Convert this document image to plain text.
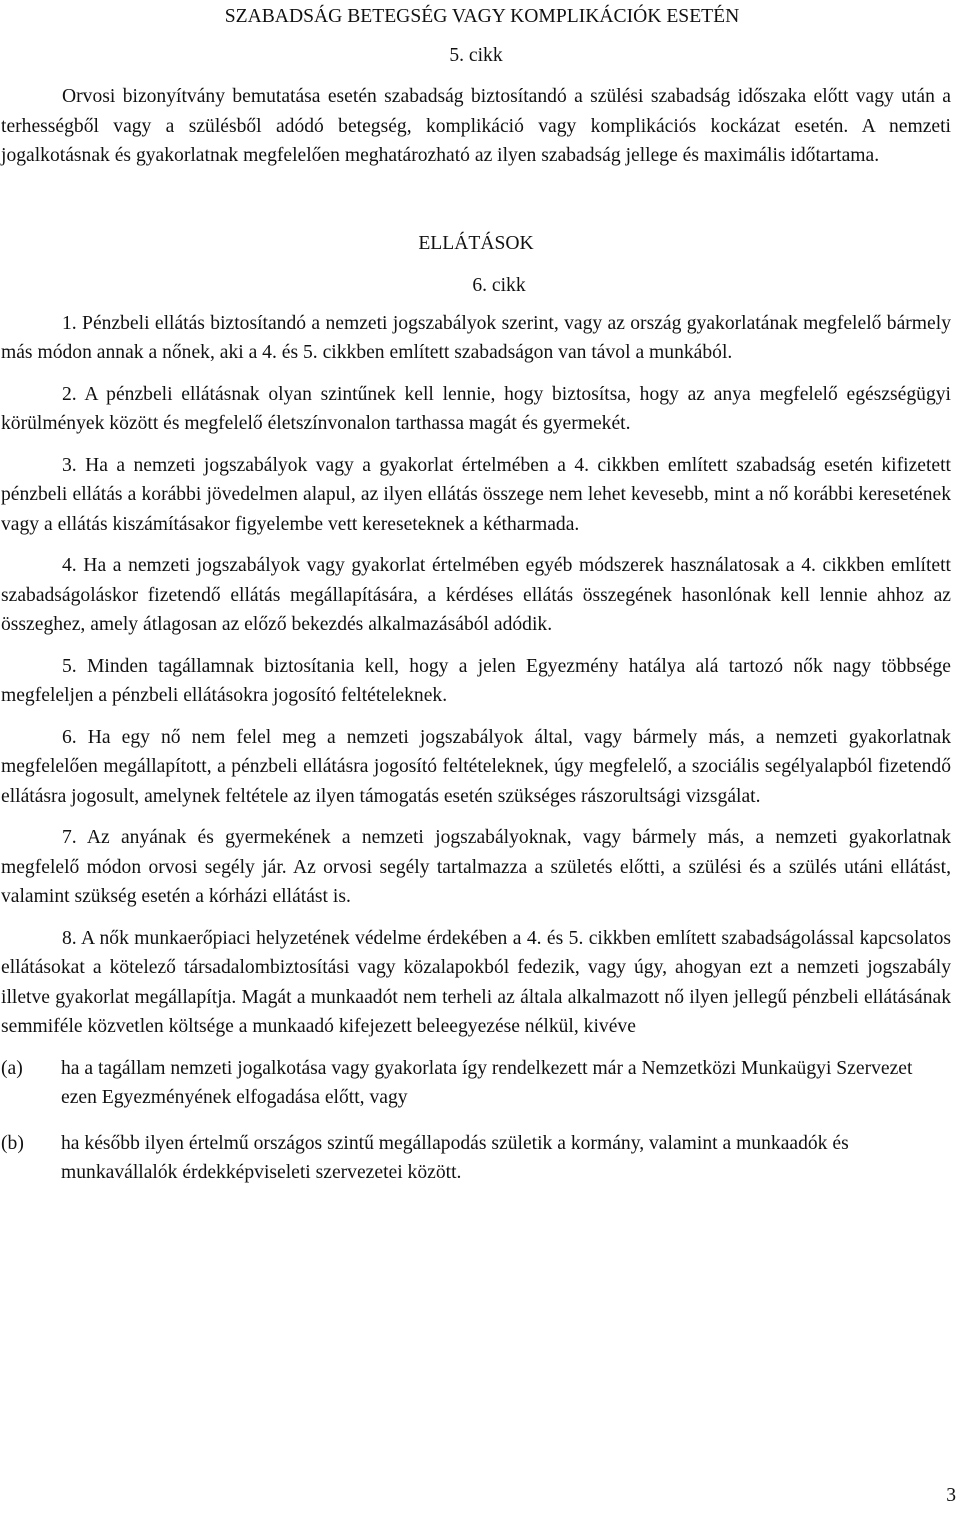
SZABADSÁG BETEGSÉG VAGY KOMPLIKÁCIÓK ESETÉN
5. cikk

Orvosi bizonyítvány bemutatása esetén szabadság biztosítandó a szülési szabadság időszaka előtt vagy után a terhességből vagy a szülésből adódó betegség, komplikáció vagy komplikációs kockázat esetén. A nemzeti jogalkotásnak és gyakorlatnak megfelelően meghatározható az ilyen szabadság jellege és maximális időtartama.

ELLÁTÁSOK
6. cikk

1. Pénzbeli ellátás biztosítandó a nemzeti jogszabályok szerint, vagy az ország gyakorlatának megfelelő bármely más módon annak a nőnek, aki a 4. és 5. cikkben említett szabadságon van távol a munkából.

2. A pénzbeli ellátásnak olyan szintűnek kell lennie, hogy biztosítsa, hogy az anya megfelelő egészségügyi körülmények között és megfelelő életszínvonalon tarthassa magát és gyermekét.

3. Ha a nemzeti jogszabályok vagy a gyakorlat értelmében a 4. cikkben említett szabadság esetén kifizetett pénzbeli ellátás a korábbi jövedelmen alapul, az ilyen ellátás összege nem lehet kevesebb, mint a nő korábbi keresetének vagy a ellátás kiszámításakor figyelembe vett kereseteknek a kétharmada.

4. Ha a nemzeti jogszabályok vagy gyakorlat értelmében egyéb módszerek használatosak a 4. cikkben említett szabadságoláskor fizetendő ellátás megállapítására, a kérdéses ellátás összegének hasonlónak kell lennie ahhoz az összeghez, amely átlagosan az előző bekezdés alkalmazásából adódik.

5. Minden tagállamnak biztosítania kell, hogy a jelen Egyezmény hatálya alá tartozó nők nagy többsége megfeleljen a pénzbeli ellátásokra jogosító feltételeknek.

6. Ha egy nő nem felel meg a nemzeti jogszabályok által, vagy bármely más, a nemzeti gyakorlatnak megfelelően megállapított, a pénzbeli ellátásra jogosító feltételeknek, úgy megfelelő, a szociális segélyalapból fizetendő ellátásra jogosult, amelynek feltétele az ilyen támogatás esetén szükséges rászorultsági vizsgálat.

7. Az anyának és gyermekének a nemzeti jogszabályoknak, vagy bármely más, a nemzeti gyakorlatnak megfelelő módon orvosi segély jár. Az orvosi segély tartalmazza a születés előtti, a szülési és a szülés utáni ellátást, valamint szükség esetén a kórházi ellátást is.

8. A nők munkaerőpiaci helyzetének védelme érdekében a 4. és 5. cikkben említett szabadságolással kapcsolatos ellátásokat a kötelező társadalombiztosítási vagy közalapokból fedezik, vagy úgy, ahogyan ezt a nemzeti jogszabály illetve gyakorlat megállapítja. Magát a munkaadót nem terheli az általa alkalmazott nő ilyen jellegű pénzbeli ellátásának semmiféle közvetlen költsége a munkaadó kifejezett beleegyezése nélkül, kivéve

(a) ha a tagállam nemzeti jogalkotása vagy gyakorlata így rendelkezett már a Nemzetközi Munkaügyi Szervezet ezen Egyezményének elfogadása előtt, vagy
(b) ha később ilyen értelmű országos szintű megállapodás születik a kormány, valamint a munkaadók és munkavállalók érdekképviseleti szervezetei között.
3
